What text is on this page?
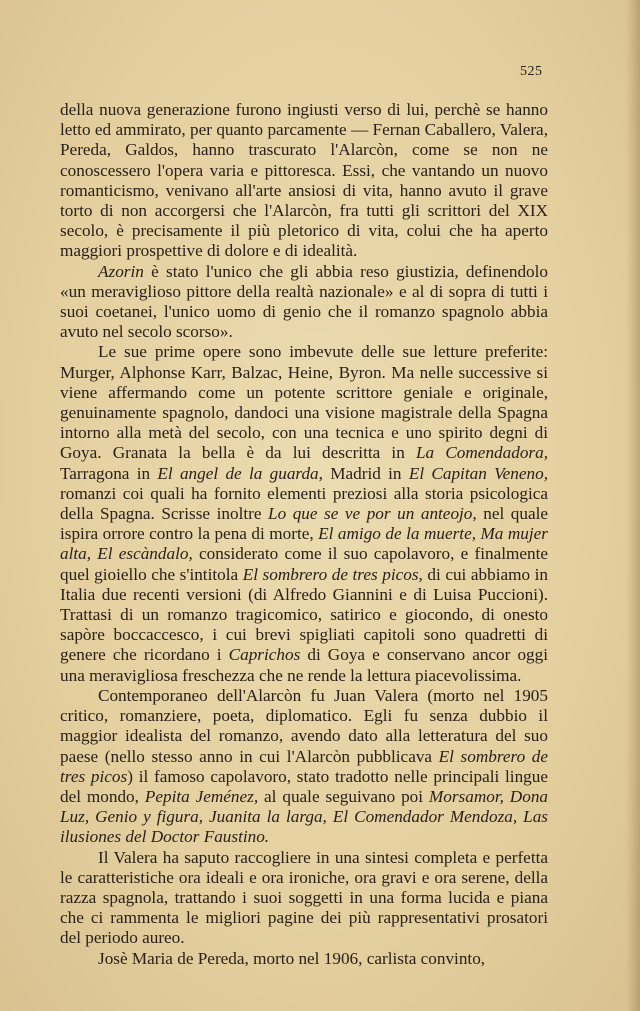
525

della nuova generazione furono ingiusti verso di lui, perchè se hanno letto ed ammirato, per quanto parcamente — Fernan Caballero, Valera, Pereda, Galdos, hanno trascurato l'Alarcòn, come se non ne conoscessero l'opera varia e pittoresca. Essi, che vantando un nuovo romanticismo, venivano all'arte ansiosi di vita, hanno avuto il grave torto di non accorgersi che l'Alarcòn, fra tutti gli scrittori del XIX secolo, è precisamente il più pletorico di vita, colui che ha aperto maggiori prospettive di dolore e di idealità.

Azorin è stato l'unico che gli abbia reso giustizia, definendolo «un meraviglioso pittore della realtà nazionale» e al di sopra di tutti i suoi coetanei, l'unico uomo di genio che il romanzo spagnolo abbia avuto nel secolo scorso».

Le sue prime opere sono imbevute delle sue letture preferite: Murger, Alphonse Karr, Balzac, Heine, Byron. Ma nelle successive si viene affermando come un potente scrittore geniale e originale, genuinamente spagnolo, dandoci una visione magistrale della Spagna intorno alla metà del secolo, con una tecnica e uno spirito degni di Goya. Granata la bella è da lui descritta in La Comendadora, Tarragona in El angel de la guarda, Madrid in El Capitan Veneno, romanzi coi quali ha fornito elementi preziosi alla storia psicologica della Spagna. Scrisse inoltre Lo que se ve por un anteojo, nel quale ispira orrore contro la pena di morte, El amigo de la muerte, Ma mujer alta, El escàndalo, considerato come il suo capolavoro, e finalmente quel gioiello che s'intitola El sombrero de tres picos, di cui abbiamo in Italia due recenti versioni (di Alfredo Giannini e di Luisa Puccioni). Trattasi di un romanzo tragicomico, satirico e giocondo, di onesto sapòre boccaccesco, i cui brevi spigliati capitoli sono quadretti di genere che ricordano i Caprichos di Goya e conservano ancor oggi una meravigliosa freschezza che ne rende la lettura piacevolissima.

Contemporaneo dell'Alarcòn fu Juan Valera (morto nel 1905 critico, romanziere, poeta, diplomatico. Egli fu senza dubbio il maggior idealista del romanzo, avendo dato alla letteratura del suo paese (nello stesso anno in cui l'Alarcòn pubblicava El sombrero de tres picos) il famoso capolavoro, stato tradotto nelle principali lingue del mondo, Pepita Jeménez, al quale seguivano poi Morsamor, Dona Luz, Genio y figura, Juanita la larga, El Comendador Mendoza, Las ilusiones del Doctor Faustino.

Il Valera ha saputo raccogliere in una sintesi completa e perfetta le caratteristiche ora ideali e ora ironiche, ora gravi e ora serene, della razza spagnola, trattando i suoi soggetti in una forma lucida e piana che ci rammenta le migliori pagine dei più rappresentativi prosatori del periodo aureo.

Josè Maria de Pereda, morto nel 1906, carlista convinto,
